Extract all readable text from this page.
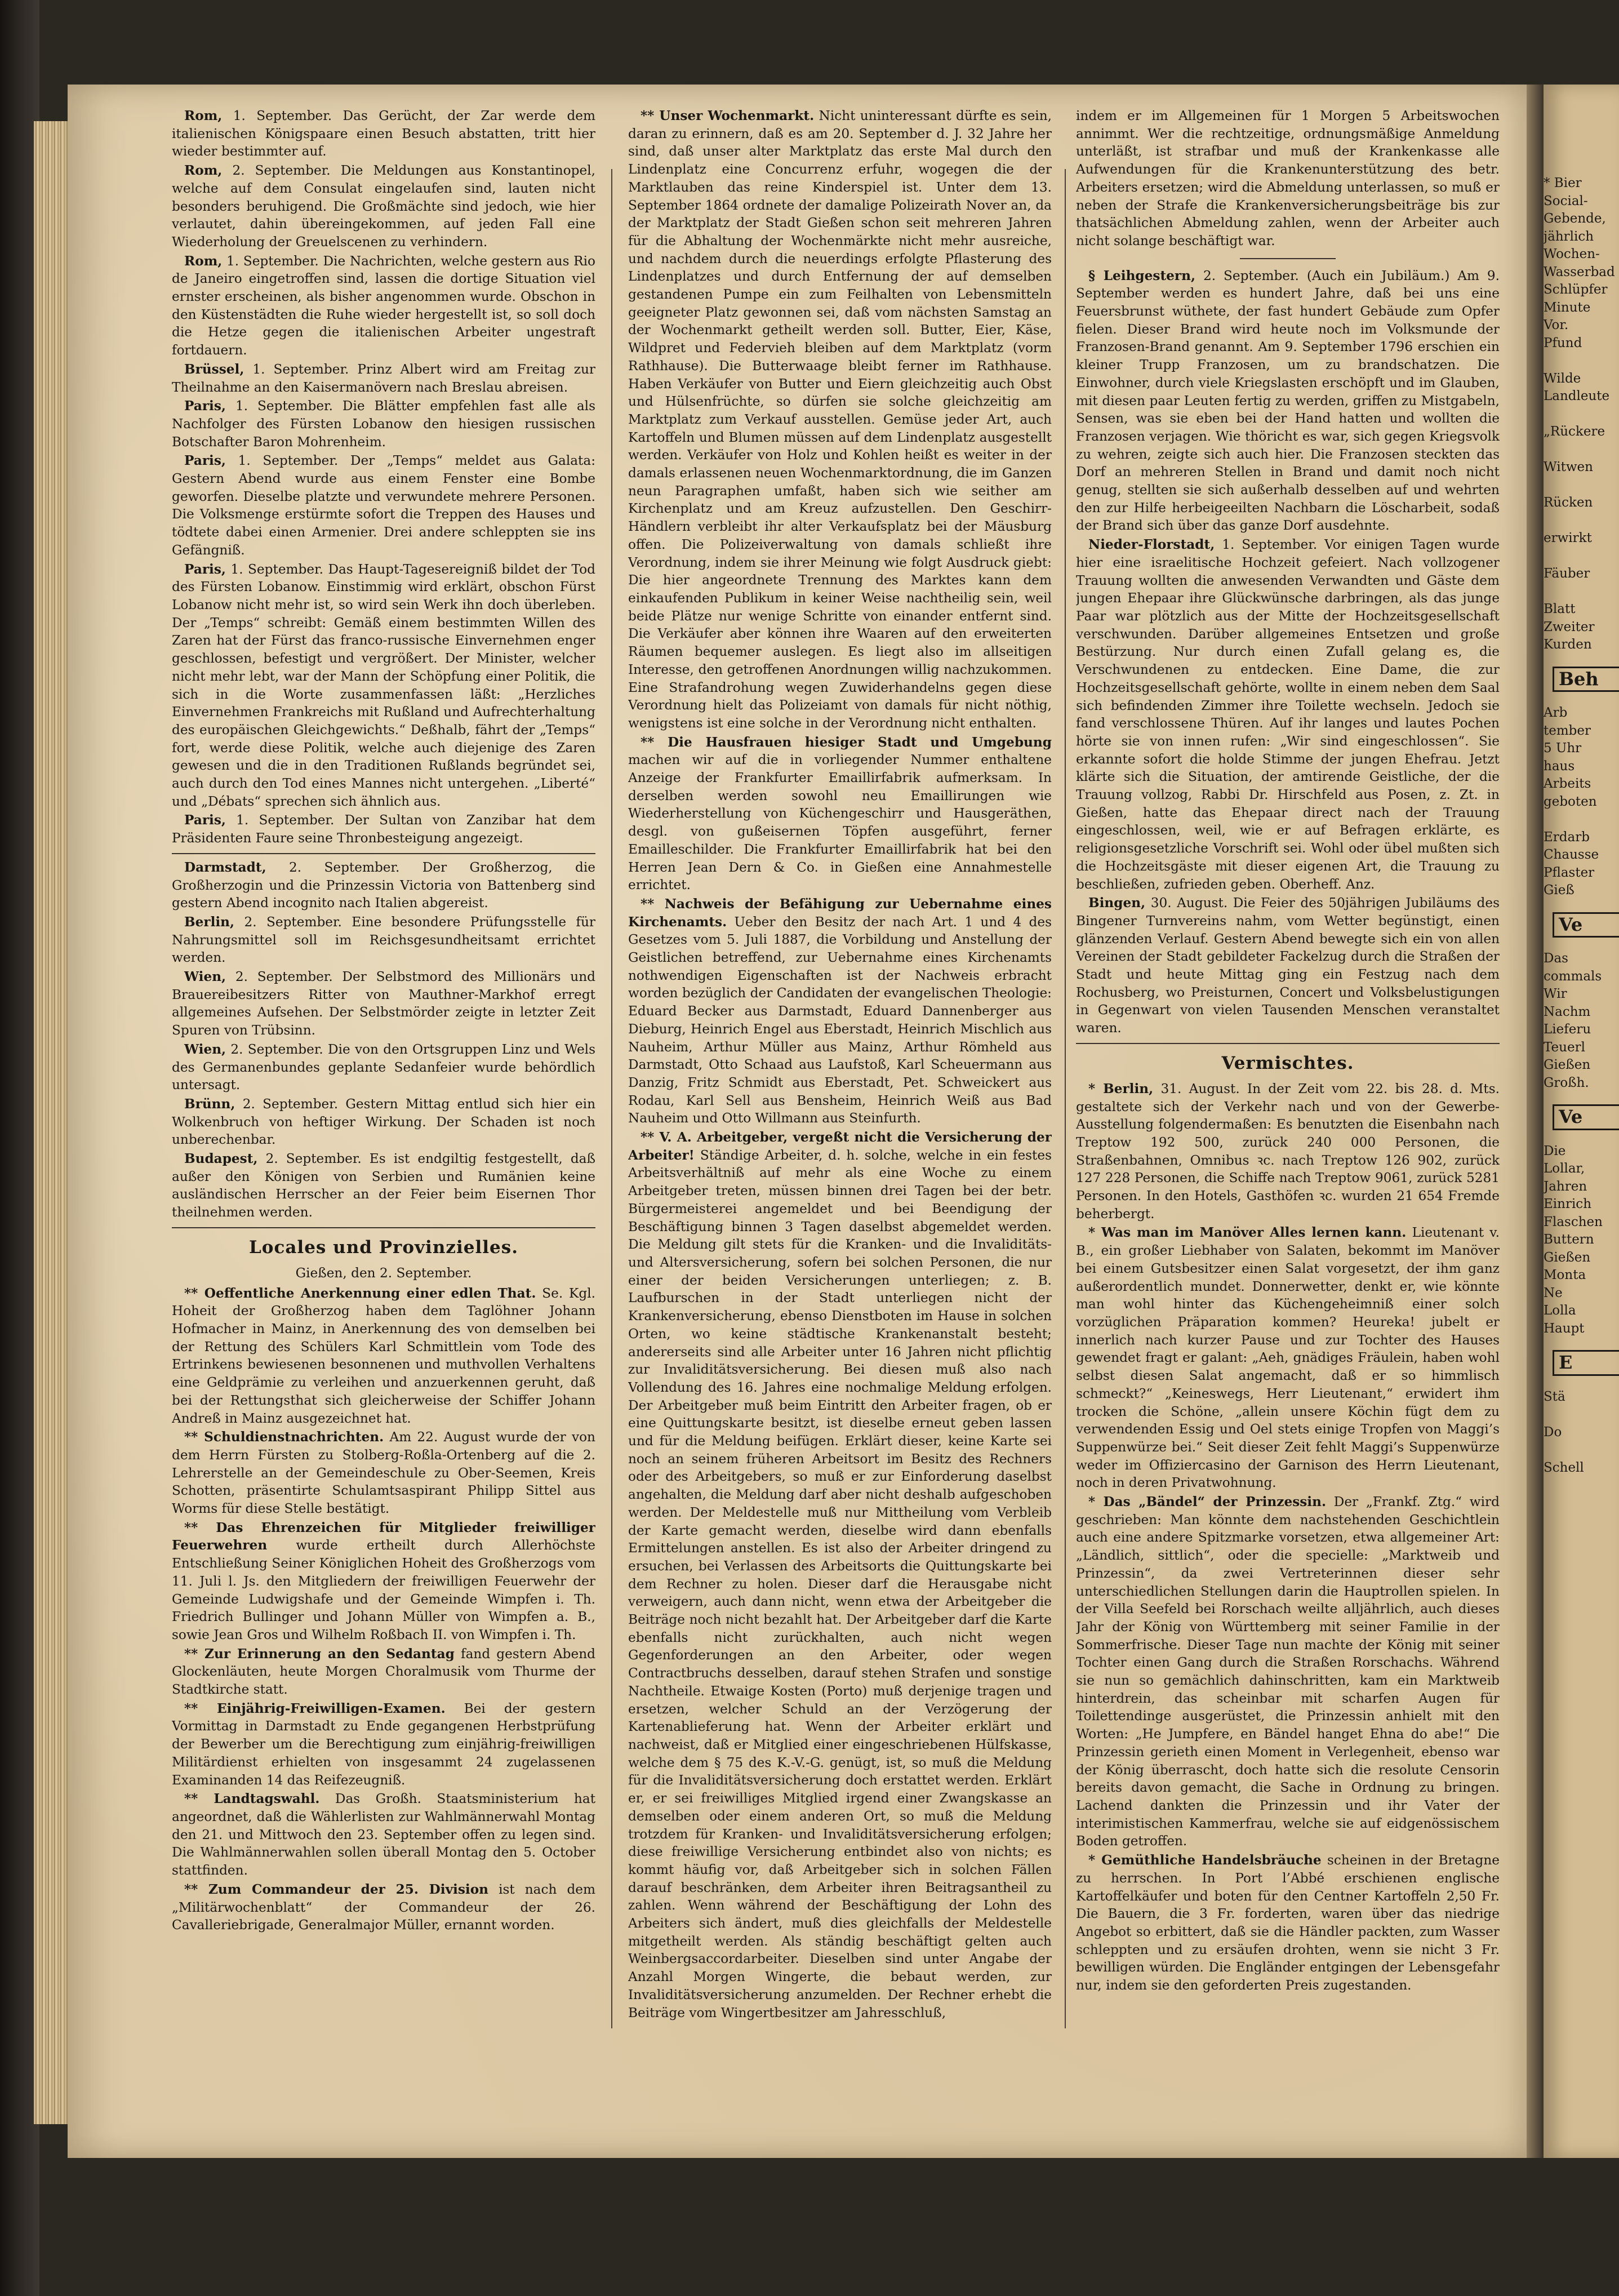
* Bier
Social-
Gebende,
jährlich
Wochen-
Wasserbad
Schlüpfer
Minute
Vor.
Pfund

Wilde
Landleute

„Rückere

Witwen

Rücken

erwirkt

Fäuber

Blatt
Zweiter
Kurden
Beh
Arb
tember
5 Uhr
haus
Arbeits
geboten

Erdarb
Chausse
Pflaster
Gieß
Ve
Das
commals
Wir
Nachm
Lieferu
Teuerl
Gießen
Großh.
Ve
Die
Lollar,
Jahren
Einrich
Flaschen
Buttern
Gießen
Monta
Ne
Lolla
Haupt
E
Stä

Do

Schell

Rom, 1. September. Das Gerücht, der Zar werde dem italienischen Königspaare einen Besuch abstatten, tritt hier wieder bestimmter auf.

Rom, 2. September. Die Meldungen aus Konstantinopel, welche auf dem Consulat eingelaufen sind, lauten nicht besonders beruhigend. Die Großmächte sind jedoch, wie hier verlautet, dahin übereingekommen, auf jeden Fall eine Wiederholung der Greuelscenen zu verhindern.

Rom, 1. September. Die Nachrichten, welche gestern aus Rio de Janeiro eingetroffen sind, lassen die dortige Situation viel ernster erscheinen, als bisher angenommen wurde. Obschon in den Küstenstädten die Ruhe wieder hergestellt ist, so soll doch die Hetze gegen die italienischen Arbeiter ungestraft fortdauern.

Brüssel, 1. September. Prinz Albert wird am Freitag zur Theilnahme an den Kaisermanövern nach Breslau abreisen.

Paris, 1. September. Die Blätter empfehlen fast alle als Nachfolger des Fürsten Lobanow den hiesigen russischen Botschafter Baron Mohrenheim.

Paris, 1. September. Der „Temps“ meldet aus Galata: Gestern Abend wurde aus einem Fenster eine Bombe geworfen. Dieselbe platzte und verwundete mehrere Personen. Die Volksmenge erstürmte sofort die Treppen des Hauses und tödtete dabei einen Armenier. Drei andere schleppten sie ins Gefängniß.

Paris, 1. September. Das Haupt-Tagesereigniß bildet der Tod des Fürsten Lobanow. Einstimmig wird erklärt, obschon Fürst Lobanow nicht mehr ist, so wird sein Werk ihn doch überleben. Der „Temps“ schreibt: Gemäß einem bestimmten Willen des Zaren hat der Fürst das franco-russische Einvernehmen enger geschlossen, befestigt und vergrößert. Der Minister, welcher nicht mehr lebt, war der Mann der Schöpfung einer Politik, die sich in die Worte zusammenfassen läßt: „Herzliches Einvernehmen Frankreichs mit Rußland und Aufrechterhaltung des europäischen Gleichgewichts.“ Deßhalb, fährt der „Temps“ fort, werde diese Politik, welche auch diejenige des Zaren gewesen und die in den Traditionen Rußlands begründet sei, auch durch den Tod eines Mannes nicht untergehen. „Liberté“ und „Débats“ sprechen sich ähnlich aus.

Paris, 1. September. Der Sultan von Zanzibar hat dem Präsidenten Faure seine Thronbesteigung angezeigt.

Darmstadt, 2. September. Der Großherzog, die Großherzogin und die Prinzessin Victoria von Battenberg sind gestern Abend incognito nach Italien abgereist.

Berlin, 2. September. Eine besondere Prüfungsstelle für Nahrungsmittel soll im Reichsgesundheitsamt errichtet werden.

Wien, 2. September. Der Selbstmord des Millionärs und Brauereibesitzers Ritter von Mauthner-Markhof erregt allgemeines Aufsehen. Der Selbstmörder zeigte in letzter Zeit Spuren von Trübsinn.

Wien, 2. September. Die von den Ortsgruppen Linz und Wels des Germanenbundes geplante Sedanfeier wurde behördlich untersagt.

Brünn, 2. September. Gestern Mittag entlud sich hier ein Wolkenbruch von heftiger Wirkung. Der Schaden ist noch unberechenbar.

Budapest, 2. September. Es ist endgiltig festgestellt, daß außer den Königen von Serbien und Rumänien keine ausländischen Herrscher an der Feier beim Eisernen Thor theilnehmen werden.

Locales und Provinzielles.
Gießen, den 2. September.

** Oeffentliche Anerkennung einer edlen That. Se. Kgl. Hoheit der Großherzog haben dem Taglöhner Johann Hofmacher in Mainz, in Anerkennung des von demselben bei der Rettung des Schülers Karl Schmittlein vom Tode des Ertrinkens bewiesenen besonnenen und muthvollen Verhaltens eine Geldprämie zu verleihen und anzuerkennen geruht, daß bei der Rettungsthat sich gleicherweise der Schiffer Johann Andreß in Mainz ausgezeichnet hat.

** Schuldienstnachrichten. Am 22. August wurde der von dem Herrn Fürsten zu Stolberg-Roßla-Ortenberg auf die 2. Lehrerstelle an der Gemeindeschule zu Ober-Seemen, Kreis Schotten, präsentirte Schulamtsaspirant Philipp Sittel aus Worms für diese Stelle bestätigt.

** Das Ehrenzeichen für Mitglieder freiwilliger Feuerwehren wurde ertheilt durch Allerhöchste Entschließung Seiner Königlichen Hoheit des Großherzogs vom 11. Juli l. Js. den Mitgliedern der freiwilligen Feuerwehr der Gemeinde Ludwigshafe und der Gemeinde Wimpfen i. Th. Friedrich Bullinger und Johann Müller von Wimpfen a. B., sowie Jean Gros und Wilhelm Roßbach II. von Wimpfen i. Th.

** Zur Erinnerung an den Sedantag fand gestern Abend Glockenläuten, heute Morgen Choralmusik vom Thurme der Stadtkirche statt.

** Einjährig-Freiwilligen-Examen. Bei der gestern Vormittag in Darmstadt zu Ende gegangenen Herbstprüfung der Bewerber um die Berechtigung zum einjährig-freiwilligen Militärdienst erhielten von insgesammt 24 zugelassenen Examinanden 14 das Reifezeugniß.

** Landtagswahl. Das Großh. Staatsministerium hat angeordnet, daß die Wählerlisten zur Wahlmännerwahl Montag den 21. und Mittwoch den 23. September offen zu legen sind. Die Wahlmännerwahlen sollen überall Montag den 5. October stattfinden.

** Zum Commandeur der 25. Division ist nach dem „Militärwochenblatt“ der Commandeur der 26. Cavalleriebrigade, Generalmajor Müller, ernannt worden.

** Unser Wochenmarkt. Nicht uninteressant dürfte es sein, daran zu erinnern, daß es am 20. September d. J. 32 Jahre her sind, daß unser alter Marktplatz das erste Mal durch den Lindenplatz eine Concurrenz erfuhr, wogegen die der Marktlauben das reine Kinderspiel ist. Unter dem 13. September 1864 ordnete der damalige Polizeirath Nover an, da der Marktplatz der Stadt Gießen schon seit mehreren Jahren für die Abhaltung der Wochenmärkte nicht mehr ausreiche, und nachdem durch die neuerdings erfolgte Pflasterung des Lindenplatzes und durch Entfernung der auf demselben gestandenen Pumpe ein zum Feilhalten von Lebensmitteln geeigneter Platz gewonnen sei, daß vom nächsten Samstag an der Wochenmarkt getheilt werden soll. Butter, Eier, Käse, Wildpret und Federvieh bleiben auf dem Marktplatz (vorm Rathhause). Die Butterwaage bleibt ferner im Rathhause. Haben Verkäufer von Butter und Eiern gleichzeitig auch Obst und Hülsenfrüchte, so dürfen sie solche gleichzeitig am Marktplatz zum Verkauf ausstellen. Gemüse jeder Art, auch Kartoffeln und Blumen müssen auf dem Lindenplatz ausgestellt werden. Verkäufer von Holz und Kohlen heißt es weiter in der damals erlassenen neuen Wochenmarktordnung, die im Ganzen neun Paragraphen umfaßt, haben sich wie seither am Kirchenplatz und am Kreuz aufzustellen. Den Geschirr-Händlern verbleibt ihr alter Verkaufsplatz bei der Mäusburg offen. Die Polizeiverwaltung von damals schließt ihre Verordnung, indem sie ihrer Meinung wie folgt Ausdruck giebt: Die hier angeordnete Trennung des Marktes kann dem einkaufenden Publikum in keiner Weise nachtheilig sein, weil beide Plätze nur wenige Schritte von einander entfernt sind. Die Verkäufer aber können ihre Waaren auf den erweiterten Räumen bequemer auslegen. Es liegt also im allseitigen Interesse, den getroffenen Anordnungen willig nachzukommen. Eine Strafandrohung wegen Zuwiderhandelns gegen diese Verordnung hielt das Polizeiamt von damals für nicht nöthig, wenigstens ist eine solche in der Verordnung nicht enthalten.

** Die Hausfrauen hiesiger Stadt und Umgebung machen wir auf die in vorliegender Nummer enthaltene Anzeige der Frankfurter Emaillirfabrik aufmerksam. In derselben werden sowohl neu Emaillirungen wie Wiederherstellung von Küchengeschirr und Hausgeräthen, desgl. von gußeisernen Töpfen ausgeführt, ferner Emailleschilder. Die Frankfurter Emaillirfabrik hat bei den Herren Jean Dern & Co. in Gießen eine Annahmestelle errichtet.

** Nachweis der Befähigung zur Uebernahme eines Kirchenamts. Ueber den Besitz der nach Art. 1 und 4 des Gesetzes vom 5. Juli 1887, die Vorbildung und Anstellung der Geistlichen betreffend, zur Uebernahme eines Kirchenamts nothwendigen Eigenschaften ist der Nachweis erbracht worden bezüglich der Candidaten der evangelischen Theologie: Eduard Becker aus Darmstadt, Eduard Dannenberger aus Dieburg, Heinrich Engel aus Eberstadt, Heinrich Mischlich aus Nauheim, Arthur Müller aus Mainz, Arthur Römheld aus Darmstadt, Otto Schaad aus Laufstoß, Karl Scheuermann aus Danzig, Fritz Schmidt aus Eberstadt, Pet. Schweickert aus Rodau, Karl Sell aus Bensheim, Heinrich Weiß aus Bad Nauheim und Otto Willmann aus Steinfurth.

** V. A. Arbeitgeber, vergeßt nicht die Versicherung der Arbeiter! Ständige Arbeiter, d. h. solche, welche in ein festes Arbeitsverhältniß auf mehr als eine Woche zu einem Arbeitgeber treten, müssen binnen drei Tagen bei der betr. Bürgermeisterei angemeldet und bei Beendigung der Beschäftigung binnen 3 Tagen daselbst abgemeldet werden. Die Meldung gilt stets für die Kranken- und die Invaliditäts- und Altersversicherung, sofern bei solchen Personen, die nur einer der beiden Versicherungen unterliegen; z. B. Laufburschen in der Stadt unterliegen nicht der Krankenversicherung, ebenso Dienstboten im Hause in solchen Orten, wo keine städtische Krankenanstalt besteht; andererseits sind alle Arbeiter unter 16 Jahren nicht pflichtig zur Invaliditätsversicherung. Bei diesen muß also nach Vollendung des 16. Jahres eine nochmalige Meldung erfolgen. Der Arbeitgeber muß beim Eintritt den Arbeiter fragen, ob er eine Quittungskarte besitzt, ist dieselbe erneut geben lassen und für die Meldung beifügen. Erklärt dieser, keine Karte sei noch an seinem früheren Arbeitsort im Besitz des Rechners oder des Arbeitgebers, so muß er zur Einforderung daselbst angehalten, die Meldung darf aber nicht deshalb aufgeschoben werden. Der Meldestelle muß nur Mittheilung vom Verbleib der Karte gemacht werden, dieselbe wird dann ebenfalls Ermittelungen anstellen. Es ist also der Arbeiter dringend zu ersuchen, bei Verlassen des Arbeitsorts die Quittungskarte bei dem Rechner zu holen. Dieser darf die Herausgabe nicht verweigern, auch dann nicht, wenn etwa der Arbeitgeber die Beiträge noch nicht bezahlt hat. Der Arbeitgeber darf die Karte ebenfalls nicht zurückhalten, auch nicht wegen Gegenforderungen an den Arbeiter, oder wegen Contractbruchs desselben, darauf stehen Strafen und sonstige Nachtheile. Etwaige Kosten (Porto) muß derjenige tragen und ersetzen, welcher Schuld an der Verzögerung der Kartenablieferung hat. Wenn der Arbeiter erklärt und nachweist, daß er Mitglied einer eingeschriebenen Hülfskasse, welche dem § 75 des K.-V.-G. genügt, ist, so muß die Meldung für die Invaliditätsversicherung doch erstattet werden. Erklärt er, er sei freiwilliges Mitglied irgend einer Zwangskasse an demselben oder einem anderen Ort, so muß die Meldung trotzdem für Kranken- und Invaliditätsversicherung erfolgen; diese freiwillige Versicherung entbindet also von nichts; es kommt häufig vor, daß Arbeitgeber sich in solchen Fällen darauf beschränken, dem Arbeiter ihren Beitragsantheil zu zahlen. Wenn während der Beschäftigung der Lohn des Arbeiters sich ändert, muß dies gleichfalls der Meldestelle mitgetheilt werden. Als ständig beschäftigt gelten auch Weinbergsaccordarbeiter. Dieselben sind unter Angabe der Anzahl Morgen Wingerte, die bebaut werden, zur Invaliditätsversicherung anzumelden. Der Rechner erhebt die Beiträge vom Wingertbesitzer am Jahresschluß,

indem er im Allgemeinen für 1 Morgen 5 Arbeitswochen annimmt. Wer die rechtzeitige, ordnungsmäßige Anmeldung unterläßt, ist strafbar und muß der Krankenkasse alle Aufwendungen für die Krankenunterstützung des betr. Arbeiters ersetzen; wird die Abmeldung unterlassen, so muß er neben der Strafe die Krankenversicherungsbeiträge bis zur thatsächlichen Abmeldung zahlen, wenn der Arbeiter auch nicht solange beschäftigt war.

§ Leihgestern, 2. September. (Auch ein Jubiläum.) Am 9. September werden es hundert Jahre, daß bei uns eine Feuersbrunst wüthete, der fast hundert Gebäude zum Opfer fielen. Dieser Brand wird heute noch im Volksmunde der Franzosen-Brand genannt. Am 9. September 1796 erschien ein kleiner Trupp Franzosen, um zu brandschatzen. Die Einwohner, durch viele Kriegslasten erschöpft und im Glauben, mit diesen paar Leuten fertig zu werden, griffen zu Mistgabeln, Sensen, was sie eben bei der Hand hatten und wollten die Franzosen verjagen. Wie thöricht es war, sich gegen Kriegsvolk zu wehren, zeigte sich auch hier. Die Franzosen steckten das Dorf an mehreren Stellen in Brand und damit noch nicht genug, stellten sie sich außerhalb desselben auf und wehrten den zur Hilfe herbeigeeilten Nachbarn die Löscharbeit, sodaß der Brand sich über das ganze Dorf ausdehnte.

Nieder-Florstadt, 1. September. Vor einigen Tagen wurde hier eine israelitische Hochzeit gefeiert. Nach vollzogener Trauung wollten die anwesenden Verwandten und Gäste dem jungen Ehepaar ihre Glückwünsche darbringen, als das junge Paar war plötzlich aus der Mitte der Hochzeitsgesellschaft verschwunden. Darüber allgemeines Entsetzen und große Bestürzung. Nur durch einen Zufall gelang es, die Verschwundenen zu entdecken. Eine Dame, die zur Hochzeitsgesellschaft gehörte, wollte in einem neben dem Saal sich befindenden Zimmer ihre Toilette wechseln. Jedoch sie fand verschlossene Thüren. Auf ihr langes und lautes Pochen hörte sie von innen rufen: „Wir sind eingeschlossen“. Sie erkannte sofort die holde Stimme der jungen Ehefrau. Jetzt klärte sich die Situation, der amtirende Geistliche, der die Trauung vollzog, Rabbi Dr. Hirschfeld aus Posen, z. Zt. in Gießen, hatte das Ehepaar direct nach der Trauung eingeschlossen, weil, wie er auf Befragen erklärte, es religionsgesetzliche Vorschrift sei. Wohl oder übel mußten sich die Hochzeitsgäste mit dieser eigenen Art, die Trauung zu beschließen, zufrieden geben. Oberheff. Anz.

Bingen, 30. August. Die Feier des 50jährigen Jubiläums des Bingener Turnvereins nahm, vom Wetter begünstigt, einen glänzenden Verlauf. Gestern Abend bewegte sich ein von allen Vereinen der Stadt gebildeter Fackelzug durch die Straßen der Stadt und heute Mittag ging ein Festzug nach dem Rochusberg, wo Preisturnen, Concert und Volksbelustigungen in Gegenwart von vielen Tausenden Menschen veranstaltet waren.

Vermischtes.

* Berlin, 31. August. In der Zeit vom 22. bis 28. d. Mts. gestaltete sich der Verkehr nach und von der Gewerbe-Ausstellung folgendermaßen: Es benutzten die Eisenbahn nach Treptow 192 500, zurück 240 000 Personen, die Straßenbahnen, Omnibus ꝛc. nach Treptow 126 902, zurück 127 228 Personen, die Schiffe nach Treptow 9061, zurück 5281 Personen. In den Hotels, Gasthöfen ꝛc. wurden 21 654 Fremde beherbergt.

* Was man im Manöver Alles lernen kann. Lieutenant v. B., ein großer Liebhaber von Salaten, bekommt im Manöver bei einem Gutsbesitzer einen Salat vorgesetzt, der ihm ganz außerordentlich mundet. Donnerwetter, denkt er, wie könnte man wohl hinter das Küchengeheimniß einer solch vorzüglichen Präparation kommen? Heureka! jubelt er innerlich nach kurzer Pause und zur Tochter des Hauses gewendet fragt er galant: „Aeh, gnädiges Fräulein, haben wohl selbst diesen Salat angemacht, daß er so himmlisch schmeckt?“ „Keineswegs, Herr Lieutenant,“ erwidert ihm trocken die Schöne, „allein unsere Köchin fügt dem zu verwendenden Essig und Oel stets einige Tropfen von Maggi’s Suppenwürze bei.“ Seit dieser Zeit fehlt Maggi’s Suppenwürze weder im Offiziercasino der Garnison des Herrn Lieutenant, noch in deren Privatwohnung.

* Das „Bändel“ der Prinzessin. Der „Frankf. Ztg.“ wird geschrieben: Man könnte dem nachstehenden Geschichtlein auch eine andere Spitzmarke vorsetzen, etwa allgemeiner Art: „Ländlich, sittlich“, oder die specielle: „Marktweib und Prinzessin“, da zwei Vertreterinnen dieser sehr unterschiedlichen Stellungen darin die Hauptrollen spielen. In der Villa Seefeld bei Rorschach weilte alljährlich, auch dieses Jahr der König von Württemberg mit seiner Familie in der Sommerfrische. Dieser Tage nun machte der König mit seiner Tochter einen Gang durch die Straßen Rorschachs. Während sie nun so gemächlich dahinschritten, kam ein Marktweib hinterdrein, das scheinbar mit scharfen Augen für Toilettendinge ausgerüstet, die Prinzessin anhielt mit den Worten: „He Jumpfere, en Bändel hanget Ehna do abe!“ Die Prinzessin gerieth einen Moment in Verlegenheit, ebenso war der König überrascht, doch hatte sich die resolute Censorin bereits davon gemacht, die Sache in Ordnung zu bringen. Lachend dankten die Prinzessin und ihr Vater der interimistischen Kammerfrau, welche sie auf eidgenössischem Boden getroffen.

* Gemüthliche Handelsbräuche scheinen in der Bretagne zu herrschen. In Port l’Abbé erschienen englische Kartoffelkäufer und boten für den Centner Kartoffeln 2,50 Fr. Die Bauern, die 3 Fr. forderten, waren über das niedrige Angebot so erbittert, daß sie die Händler packten, zum Wasser schleppten und zu ersäufen drohten, wenn sie nicht 3 Fr. bewilligen würden. Die Engländer entgingen der Lebensgefahr nur, indem sie den geforderten Preis zugestanden.
